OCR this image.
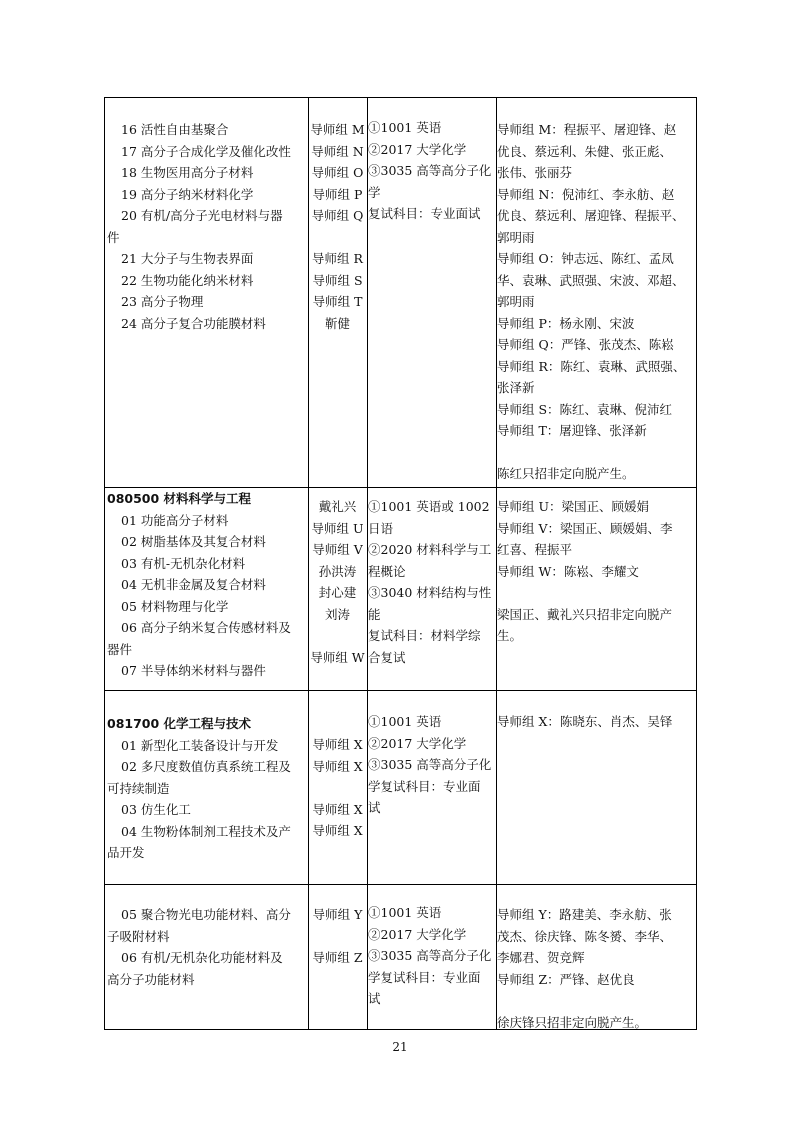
16 活性自由基聚合
17 高分子合成化学及催化改性
18 生物医用高分子材料
19 高分子纳米材料化学
20 有机/高分子光电材料与器
件
21 大分子与生物表界面
22 生物功能化纳米材料
23 高分子物理
24 高分子复合功能膜材料
导师组 M
导师组 N
导师组 O
导师组 P
导师组 Q
导师组 R
导师组 S
导师组 T
靳健
①1001 英语
②2017 大学化学
③3035 高等高分子化
学
复试科目：专业面试
导师组 M：程振平、屠迎锋、赵
优良、蔡远利、朱健、张正彪、
张伟、张丽芬
导师组 N：倪沛红、李永舫、赵
优良、蔡远利、屠迎锋、程振平、
郭明雨
导师组 O：钟志远、陈红、孟凤
华、袁琳、武照强、宋波、邓超、
郭明雨
导师组 P：杨永刚、宋波
导师组 Q：严锋、张茂杰、陈崧
导师组 R：陈红、袁琳、武照强、
张泽新
导师组 S：陈红、袁琳、倪沛红
导师组 T：屠迎锋、张泽新
陈红只招非定向脱产生。
080500 材料科学与工程
01 功能高分子材料
02 树脂基体及其复合材料
03 有机-无机杂化材料
04 无机非金属及复合材料
05 材料物理与化学
06 高分子纳米复合传感材料及
器件
07 半导体纳米材料与器件
戴礼兴
导师组 U
导师组 V
孙洪涛
封心建
刘涛
导师组 W
①1001 英语或 1002
日语
②2020 材料科学与工
程概论
③3040 材料结构与性
能
复试科目：材料学综
合复试
导师组 U：梁国正、顾媛娟
导师组 V：梁国正、顾媛娟、李
红喜、程振平
导师组 W：陈崧、李耀文
梁国正、戴礼兴只招非定向脱产
生。
081700 化学工程与技术
01 新型化工装备设计与开发
02 多尺度数值仿真系统工程及
可持续制造
03 仿生化工
04 生物粉体制剂工程技术及产
品开发
导师组 X
导师组 X
导师组 X
导师组 X
①1001 英语
②2017 大学化学
③3035 高等高分子化
学复试科目：专业面
试
导师组 X：陈晓东、肖杰、吴铎
05 聚合物光电功能材料、高分
子吸附材料
06 有机/无机杂化功能材料及
高分子功能材料
导师组 Y
导师组 Z
①1001 英语
②2017 大学化学
③3035 高等高分子化
学复试科目：专业面
试
导师组 Y：路建美、李永舫、张
茂杰、徐庆锋、陈冬赟、李华、
李娜君、贺竞辉
导师组 Z：严锋、赵优良
徐庆锋只招非定向脱产生。
21
